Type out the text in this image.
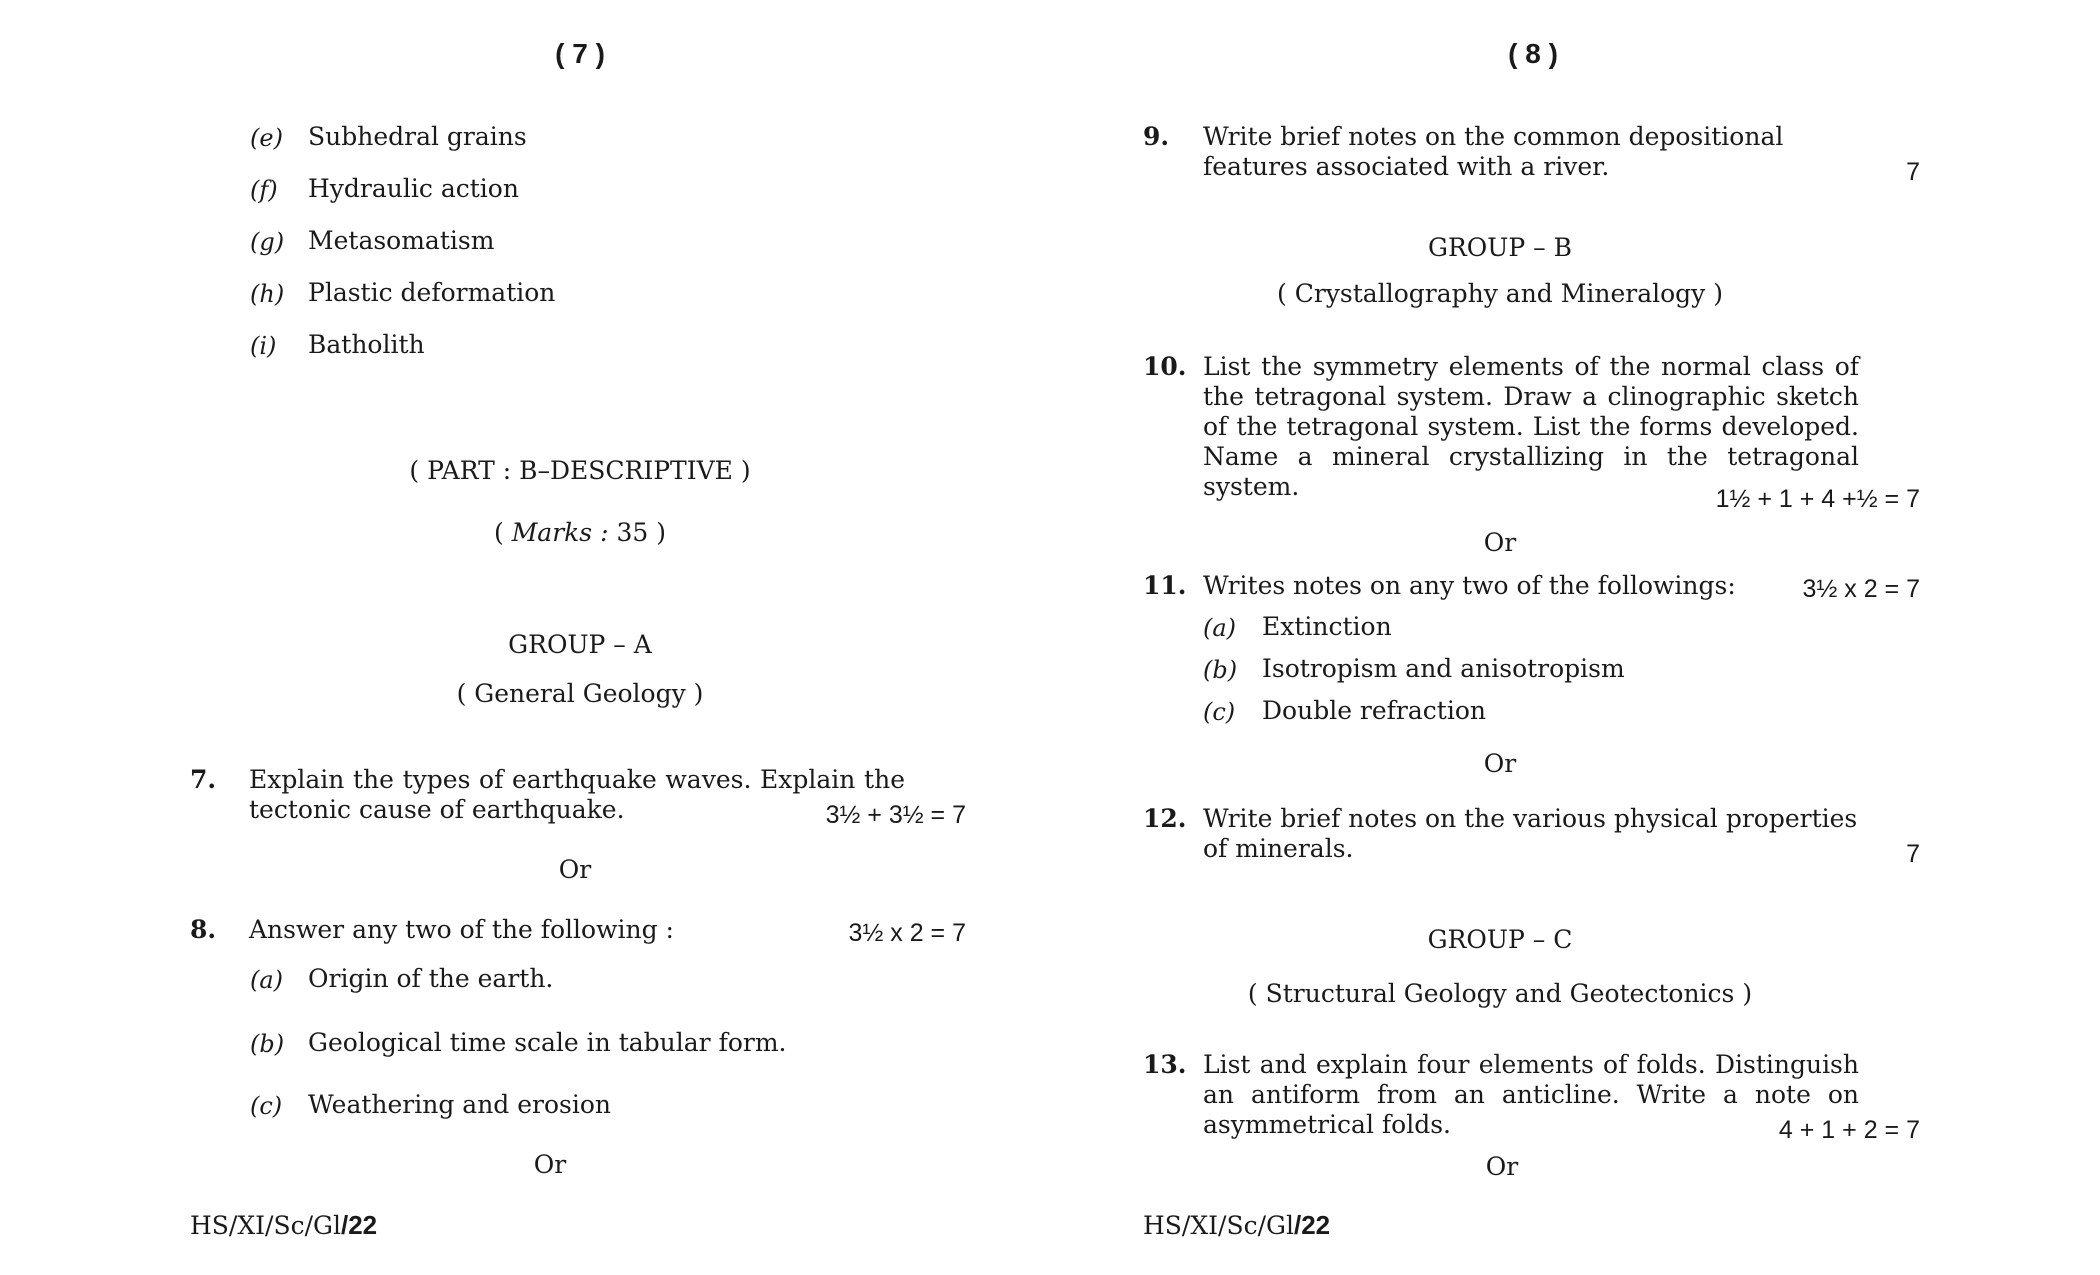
( 7 )
(e) Subhedral grains
(f) Hydraulic action
(g) Metasomatism
(h) Plastic deformation
(i) Batholith
( PART : B–DESCRIPTIVE )
( Marks : 35 )
GROUP – A
( General Geology )
7. Explain the types of earthquake waves. Explain the tectonic cause of earthquake.	3½ + 3½ = 7
Or
8. Answer any two of the following :	3½ x 2 = 7
(a) Origin of the earth.
(b) Geological time scale in tabular form.
(c) Weathering and erosion
Or
HS/XI/Sc/Gl/22
( 8 )
9. Write brief notes on the common depositional features associated with a river.	7
GROUP – B
( Crystallography and Mineralogy )
10. List the symmetry elements of the normal class of the tetragonal system. Draw a clinographic sketch of the tetragonal system. List the forms developed. Name a mineral crystallizing in the tetragonal system.	1½ + 1 + 4 +½ = 7
Or
11. Writes notes on any two of the followings:	3½ x 2 = 7
(a) Extinction
(b) Isotropism and anisotropism
(c) Double refraction
Or
12. Write brief notes on the various physical properties of minerals.	7
GROUP – C
( Structural Geology and Geotectonics )
13. List and explain four elements of folds. Distinguish an antiform from an anticline. Write a note on asymmetrical folds.	4 + 1 + 2 = 7
Or
HS/XI/Sc/Gl/22
